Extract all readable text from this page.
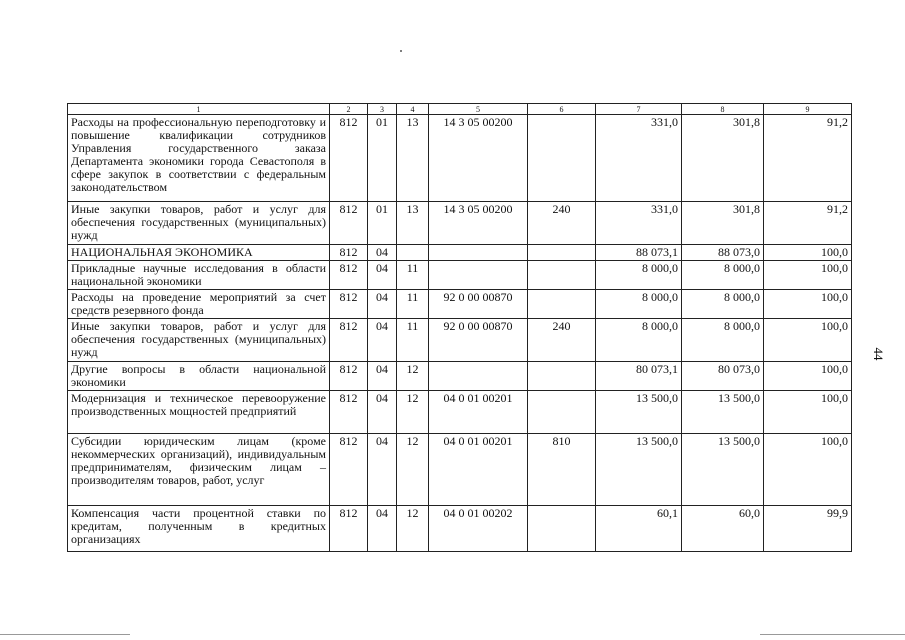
1	2	3	4	5	6	7	8	9
Расходы на профессиональную переподготовку и повышение квалификации сотрудников Управления государственного заказа Департамента экономики города Севастополя в сфере закупок в соответствии с федеральным законодательством	812	01	13	14 3 05 00200		331,0	301,8	91,2
Иные закупки товаров, работ и услуг для обеспечения государственных (муниципальных) нужд	812	01	13	14 3 05 00200	240	331,0	301,8	91,2
НАЦИОНАЛЬНАЯ ЭКОНОМИКА	812	04				88 073,1	88 073,0	100,0
Прикладные научные исследования в области национальной экономики	812	04	11			8 000,0	8 000,0	100,0
Расходы на проведение мероприятий за счет средств резервного фонда	812	04	11	92 0 00 00870		8 000,0	8 000,0	100,0
Иные закупки товаров, работ и услуг для обеспечения государственных (муниципальных) нужд	812	04	11	92 0 00 00870	240	8 000,0	8 000,0	100,0
Другие вопросы в области национальной экономики	812	04	12			80 073,1	80 073,0	100,0
Модернизация и техническое перевооружение производственных мощностей предприятий	812	04	12	04 0 01 00201		13 500,0	13 500,0	100,0
Субсидии юридическим лицам (кроме некоммерческих организаций), индивидуальным предпринимателям, физическим лицам – производителям товаров, работ, услуг	812	04	12	04 0 01 00201	810	13 500,0	13 500,0	100,0
Компенсация части процентной ставки по кредитам, полученным в кредитных организациях	812	04	12	04 0 01 00202		60,1	60,0	99,9
44
